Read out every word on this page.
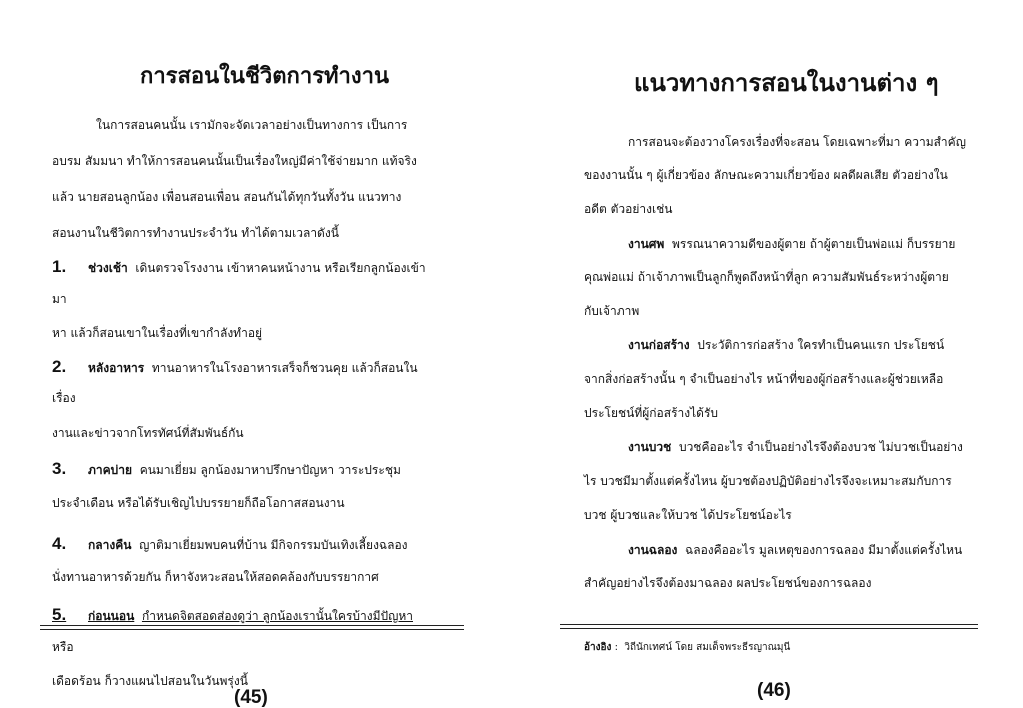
การสอนในชีวิตการทำงาน
ในการสอนคนนั้น เรามักจะจัดเวลาอย่างเป็นทางการ เป็นการ
อบรม สัมมนา ทำให้การสอนคนนั้นเป็นเรื่องใหญ่มีค่าใช้จ่ายมาก แท้จริง
แล้ว นายสอนลูกน้อง เพื่อนสอนเพื่อน สอนกันได้ทุกวันทั้งวัน แนวทาง
สอนงานในชีวิตการทำงานประจำวัน ทำได้ตามเวลาดังนี้
1. ช่วงเช้า เดินตรวจโรงงาน เข้าหาคนหน้างาน หรือเรียกลูกน้องเข้า
มา
หา แล้วก็สอนเขาในเรื่องที่เขากำลังทำอยู่
2. หลังอาหาร ทานอาหารในโรงอาหารเสร็จก็ชวนคุย แล้วก็สอนใน
เรื่อง
งานและข่าวจากโทรทัศน์ที่สัมพันธ์กัน
3. ภาคบ่าย คนมาเยี่ยม ลูกน้องมาหาปรึกษาปัญหา วาระประชุม
ประจำเดือน หรือได้รับเชิญไปบรรยายก็ถือโอกาสสอนงาน
4. กลางคืน ญาติมาเยี่ยมพบคนที่บ้าน มีกิจกรรมบันเทิงเลี้ยงฉลอง
นั่งทานอาหารด้วยกัน ก็หาจังหวะสอนให้สอดคล้องกับบรรยากาศ
5. ก่อนนอน กำหนดจิตสอดส่องดูว่า ลูกน้องเรานั้นใครบ้างมีปัญหา
หรือ
เดือดร้อน ก็วางแผนไปสอนในวันพรุ่งนี้
(45)
แนวทางการสอนในงานต่าง ๆ
การสอนจะต้องวางโครงเรื่องที่จะสอน โดยเฉพาะที่มา ความสำคัญ
ของงานนั้น ๆ ผู้เกี่ยวข้อง ลักษณะความเกี่ยวข้อง ผลดีผลเสีย ตัวอย่างใน
อดีต ตัวอย่างเช่น
งานศพ พรรณนาความดีของผู้ตาย ถ้าผู้ตายเป็นพ่อแม่ ก็บรรยาย
คุณพ่อแม่ ถ้าเจ้าภาพเป็นลูกก็พูดถึงหน้าที่ลูก ความสัมพันธ์ระหว่างผู้ตาย
กับเจ้าภาพ
งานก่อสร้าง ประวัติการก่อสร้าง ใครทำเป็นคนแรก ประโยชน์
จากสิ่งก่อสร้างนั้น ๆ จำเป็นอย่างไร หน้าที่ของผู้ก่อสร้างและผู้ช่วยเหลือ
ประโยชน์ที่ผู้ก่อสร้างได้รับ
งานบวช บวชคืออะไร จำเป็นอย่างไรจึงต้องบวช ไม่บวชเป็นอย่าง
ไร บวชมีมาตั้งแต่ครั้งไหน ผู้บวชต้องปฏิบัติอย่างไรจึงจะเหมาะสมกับการ
บวช ผู้บวชและให้บวช ได้ประโยชน์อะไร
งานฉลอง ฉลองคืออะไร มูลเหตุของการฉลอง มีมาตั้งแต่ครั้งไหน
สำคัญอย่างไรจึงต้องมาฉลอง ผลประโยชน์ของการฉลอง
อ้างอิง : วิถีนักเทศน์ โดย สมเด็จพระธีรญาณมุนี
(46)
